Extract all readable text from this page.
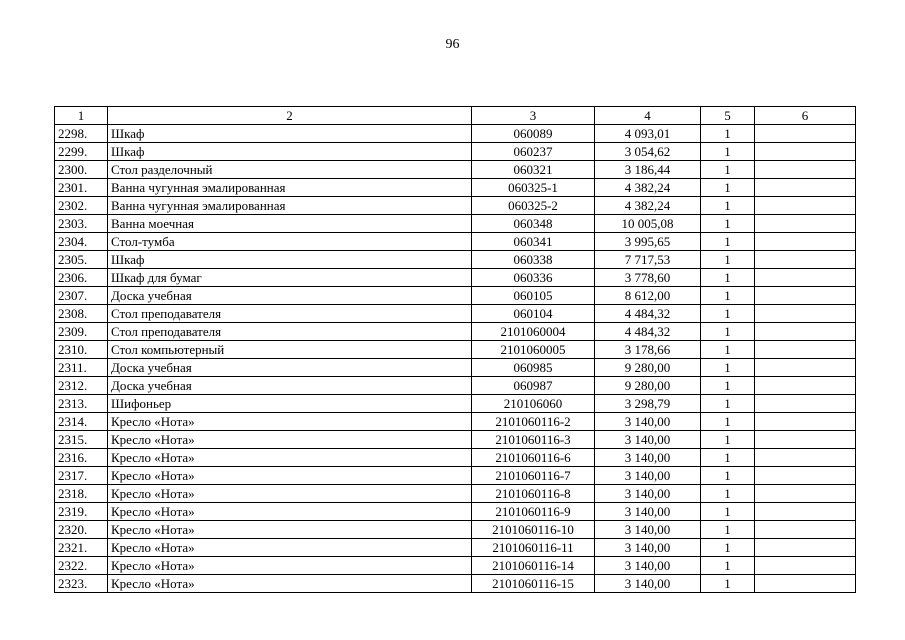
96
1	2	3	4	5	6
2298.	Шкаф	060089	4 093,01	1	
2299.	Шкаф	060237	3 054,62	1	
2300.	Стол разделочный	060321	3 186,44	1	
2301.	Ванна чугунная эмалированная	060325-1	4 382,24	1	
2302.	Ванна чугунная эмалированная	060325-2	4 382,24	1	
2303.	Ванна моечная	060348	10 005,08	1	
2304.	Стол-тумба	060341	3 995,65	1	
2305.	Шкаф	060338	7 717,53	1	
2306.	Шкаф для бумаг	060336	3 778,60	1	
2307.	Доска учебная	060105	8 612,00	1	
2308.	Стол преподавателя	060104	4 484,32	1	
2309.	Стол преподавателя	2101060004	4 484,32	1	
2310.	Стол компьютерный	2101060005	3 178,66	1	
2311.	Доска учебная	060985	9 280,00	1	
2312.	Доска учебная	060987	9 280,00	1	
2313.	Шифоньер	210106060	3 298,79	1	
2314.	Кресло «Нота»	2101060116-2	3 140,00	1	
2315.	Кресло «Нота»	2101060116-3	3 140,00	1	
2316.	Кресло «Нота»	2101060116-6	3 140,00	1	
2317.	Кресло «Нота»	2101060116-7	3 140,00	1	
2318.	Кресло «Нота»	2101060116-8	3 140,00	1	
2319.	Кресло «Нота»	2101060116-9	3 140,00	1	
2320.	Кресло «Нота»	2101060116-10	3 140,00	1	
2321.	Кресло «Нота»	2101060116-11	3 140,00	1	
2322.	Кресло «Нота»	2101060116-14	3 140,00	1	
2323.	Кресло «Нота»	2101060116-15	3 140,00	1	
